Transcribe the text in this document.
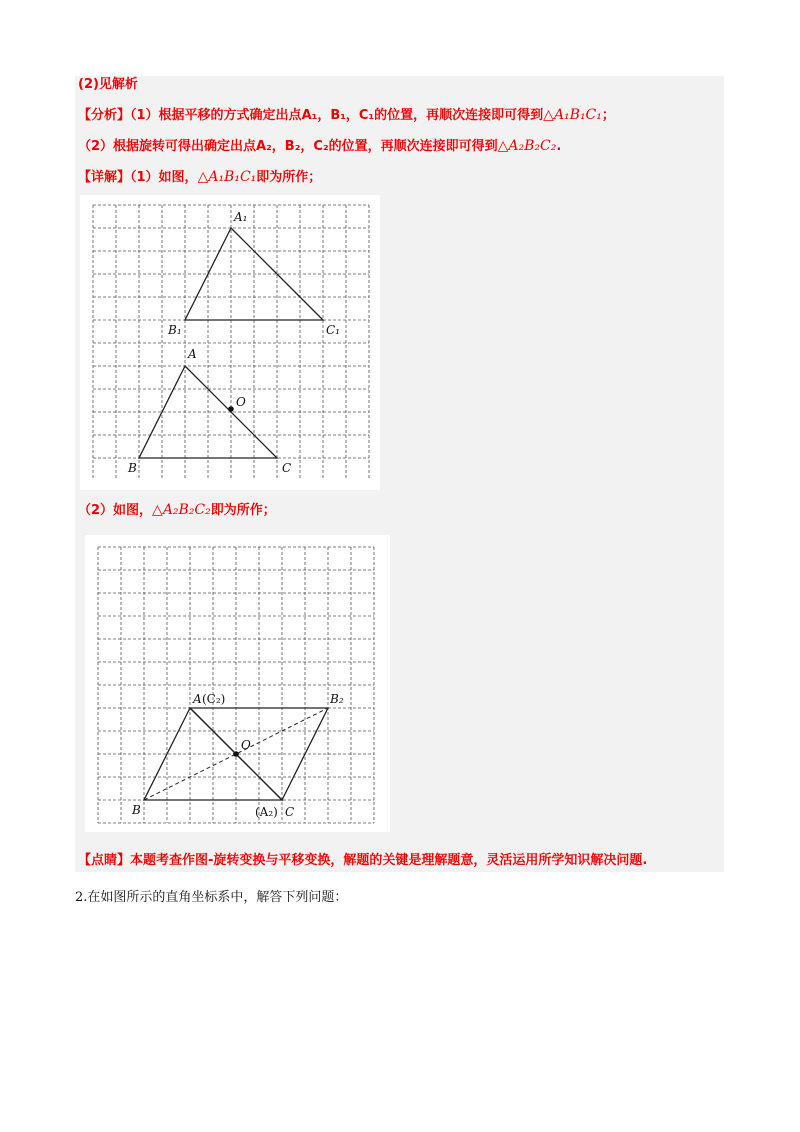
(2)见解析
【分析】（1）根据平移的方式确定出点A₁，B₁，C₁的位置，再顺次连接即可得到△A₁B₁C₁；
（2）根据旋转可得出确定出点A₂，B₂，C₂的位置，再顺次连接即可得到△A₂B₂C₂.
【详解】（1）如图，△A₁B₁C₁即为所作；
A₁
B₁	C₁
A
O
B	C
（2）如图，△A₂B₂C₂即为所作；
A (C₂)	B₂
O
B	(A₂) C
【点睛】本题考查作图-旋转变换与平移变换，解题的关键是理解题意，灵活运用所学知识解决问题.
2.在如图所示的直角坐标系中，解答下列问题：
